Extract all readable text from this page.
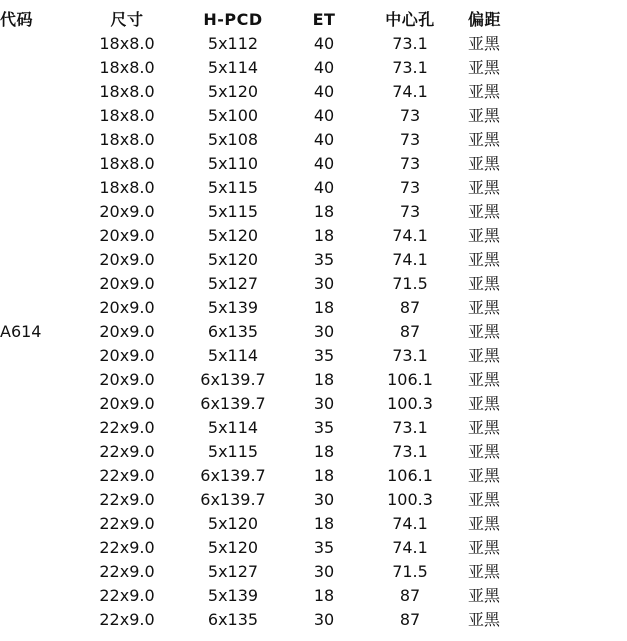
代码	尺寸	H-PCD	ET	中心孔	偏距
	18x8.0	5x112	40	73.1	亚黑
	18x8.0	5x114	40	73.1	亚黑
	18x8.0	5x120	40	74.1	亚黑
	18x8.0	5x100	40	73	亚黑
	18x8.0	5x108	40	73	亚黑
	18x8.0	5x110	40	73	亚黑
	18x8.0	5x115	40	73	亚黑
	20x9.0	5x115	18	73	亚黑
	20x9.0	5x120	18	74.1	亚黑
	20x9.0	5x120	35	74.1	亚黑
	20x9.0	5x127	30	71.5	亚黑
	20x9.0	5x139	18	87	亚黑
A614	20x9.0	6x135	30	87	亚黑
	20x9.0	5x114	35	73.1	亚黑
	20x9.0	6x139.7	18	106.1	亚黑
	20x9.0	6x139.7	30	100.3	亚黑
	22x9.0	5x114	35	73.1	亚黑
	22x9.0	5x115	18	73.1	亚黑
	22x9.0	6x139.7	18	106.1	亚黑
	22x9.0	6x139.7	30	100.3	亚黑
	22x9.0	5x120	18	74.1	亚黑
	22x9.0	5x120	35	74.1	亚黑
	22x9.0	5x127	30	71.5	亚黑
	22x9.0	5x139	18	87	亚黑
	22x9.0	6x135	30	87	亚黑
